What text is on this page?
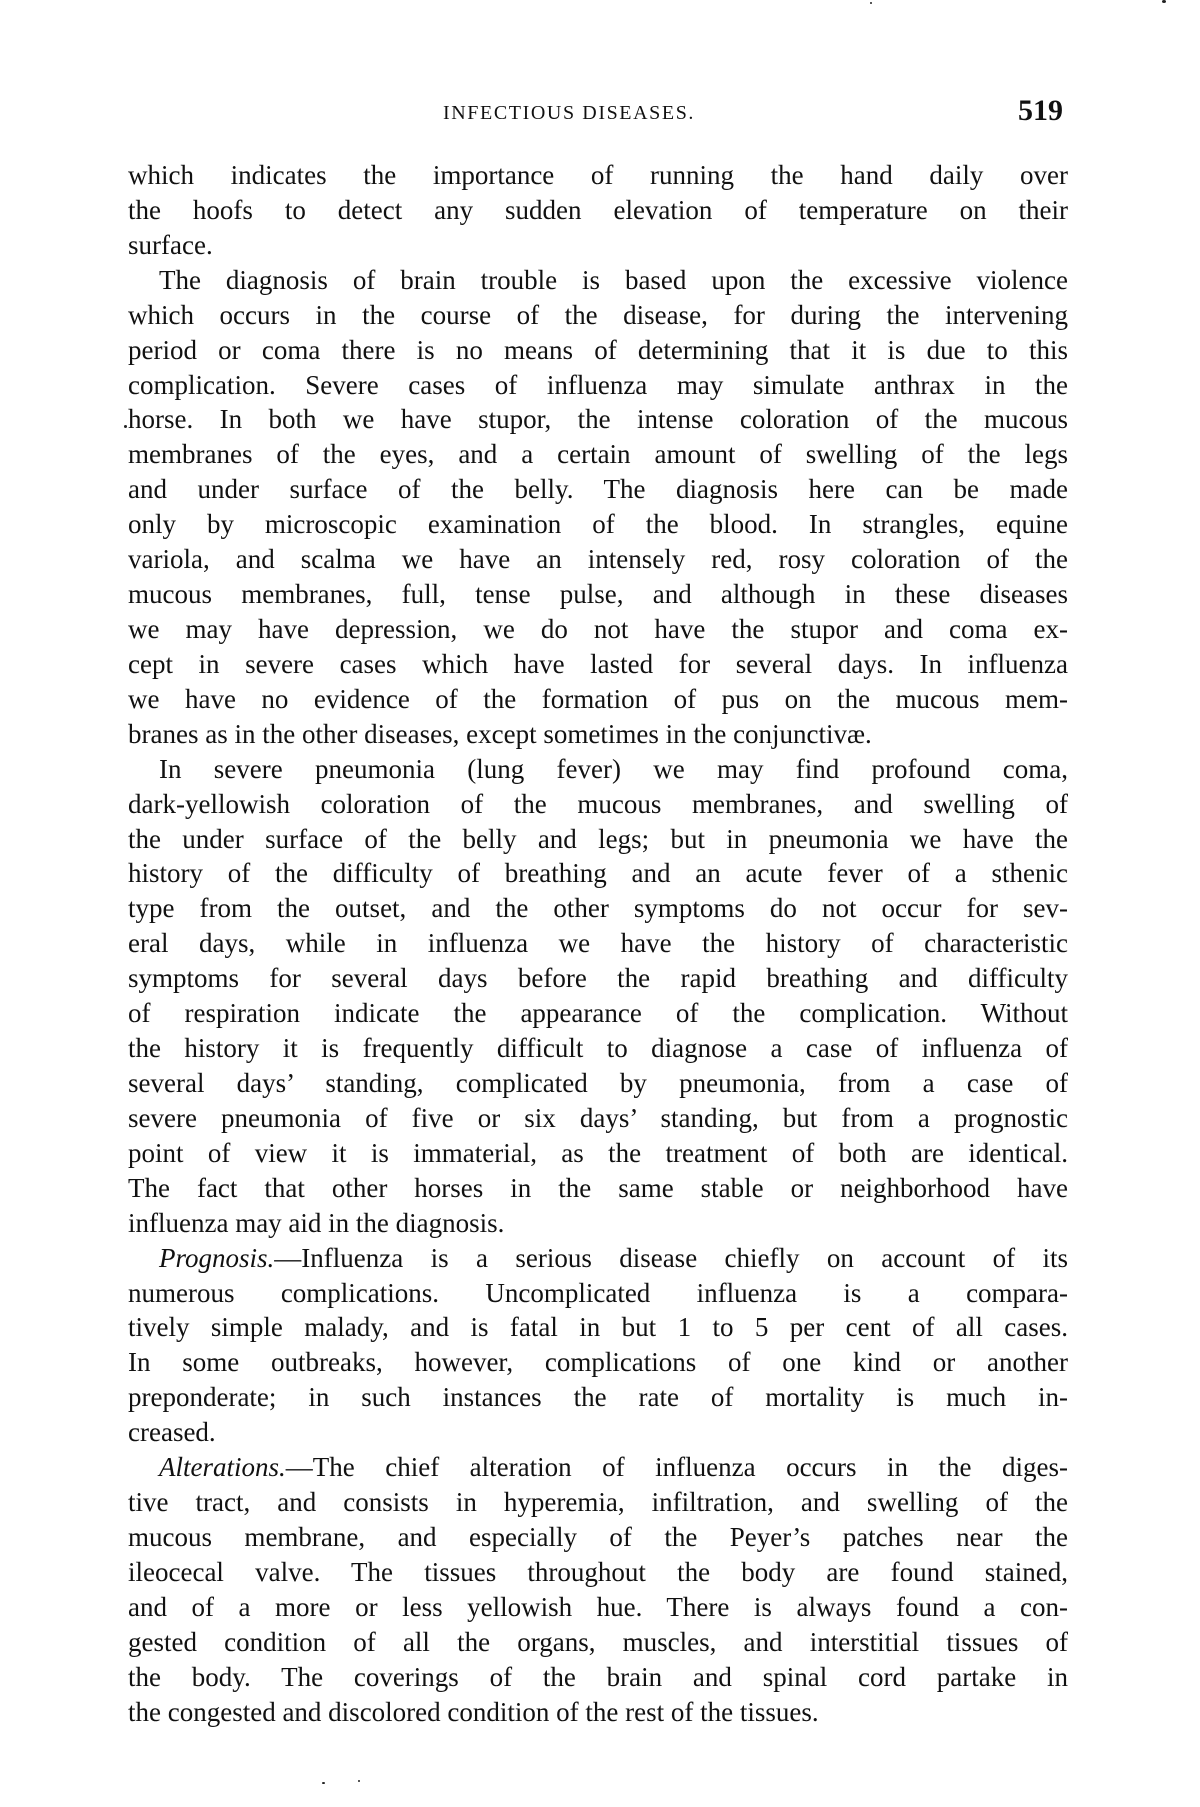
INFECTIOUS DISEASES.	519
which indicates the importance of running the hand daily over
the hoofs to detect any sudden elevation of temperature on their
surface.
The diagnosis of brain trouble is based upon the excessive violence
which occurs in the course of the disease, for during the intervening
period or coma there is no means of determining that it is due to this
complication. Severe cases of influenza may simulate anthrax in the
horse. In both we have stupor, the intense coloration of the mucous
membranes of the eyes, and a certain amount of swelling of the legs
and under surface of the belly. The diagnosis here can be made
only by microscopic examination of the blood. In strangles, equine
variola, and scalma we have an intensely red, rosy coloration of the
mucous membranes, full, tense pulse, and although in these diseases
we may have depression, we do not have the stupor and coma ex-
cept in severe cases which have lasted for several days. In influenza
we have no evidence of the formation of pus on the mucous mem-
branes as in the other diseases, except sometimes in the conjunctivæ.
In severe pneumonia (lung fever) we may find profound coma,
dark-yellowish coloration of the mucous membranes, and swelling of
the under surface of the belly and legs; but in pneumonia we have the
history of the difficulty of breathing and an acute fever of a sthenic
type from the outset, and the other symptoms do not occur for sev-
eral days, while in influenza we have the history of characteristic
symptoms for several days before the rapid breathing and difficulty
of respiration indicate the appearance of the complication. Without
the history it is frequently difficult to diagnose a case of influenza of
several days’ standing, complicated by pneumonia, from a case of
severe pneumonia of five or six days’ standing, but from a prognostic
point of view it is immaterial, as the treatment of both are identical.
The fact that other horses in the same stable or neighborhood have
influenza may aid in the diagnosis.
Prognosis.—Influenza is a serious disease chiefly on account of its
numerous complications. Uncomplicated influenza is a compara-
tively simple malady, and is fatal in but 1 to 5 per cent of all cases.
In some outbreaks, however, complications of one kind or another
preponderate; in such instances the rate of mortality is much in-
creased.
Alterations.—The chief alteration of influenza occurs in the diges-
tive tract, and consists in hyperemia, infiltration, and swelling of the
mucous membrane, and especially of the Peyer’s patches near the
ileocecal valve. The tissues throughout the body are found stained,
and of a more or less yellowish hue. There is always found a con-
gested condition of all the organs, muscles, and interstitial tissues of
the body. The coverings of the brain and spinal cord partake in
the congested and discolored condition of the rest of the tissues.
